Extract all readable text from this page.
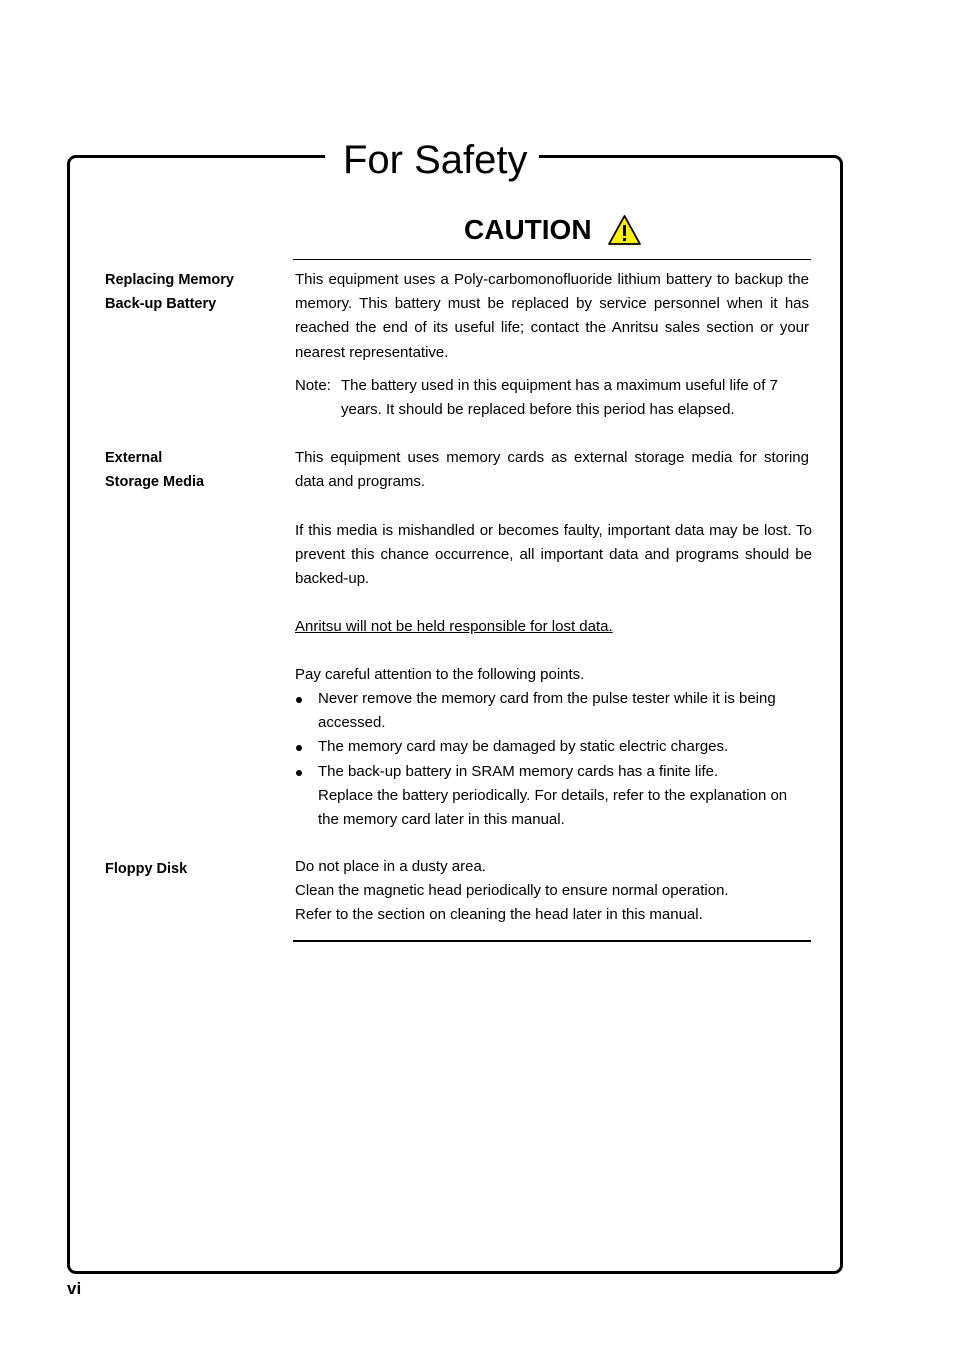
For Safety
CAUTION
Replacing Memory
Back-up Battery

This equipment uses a Poly-carbomonofluoride lithium battery to backup the memory. This battery must be replaced by service personnel when it has reached the end of its useful life; contact the Anritsu sales section or your nearest representative.

Note: The battery used in this equipment has a maximum useful life of 7 years. It should be replaced before this period has elapsed.

External
Storage Media

This equipment uses memory cards as external storage media for storing data and programs.

If this media is mishandled or becomes faulty, important data may be lost. To prevent this chance occurrence, all important data and programs should be backed-up.

Anritsu will not be held responsible for lost data.

Pay careful attention to the following points.

Never remove the memory card from the pulse tester while it is being accessed.
The memory card may be damaged by static electric charges.
The back-up battery in SRAM memory cards has a finite life.
Replace the battery periodically. For details, refer to the explanation on the memory card later in this manual.
Floppy Disk	Do not place in a dusty area.
Clean the magnetic head periodically to ensure normal operation.
Refer to the section on cleaning the head later in this manual.
vi
